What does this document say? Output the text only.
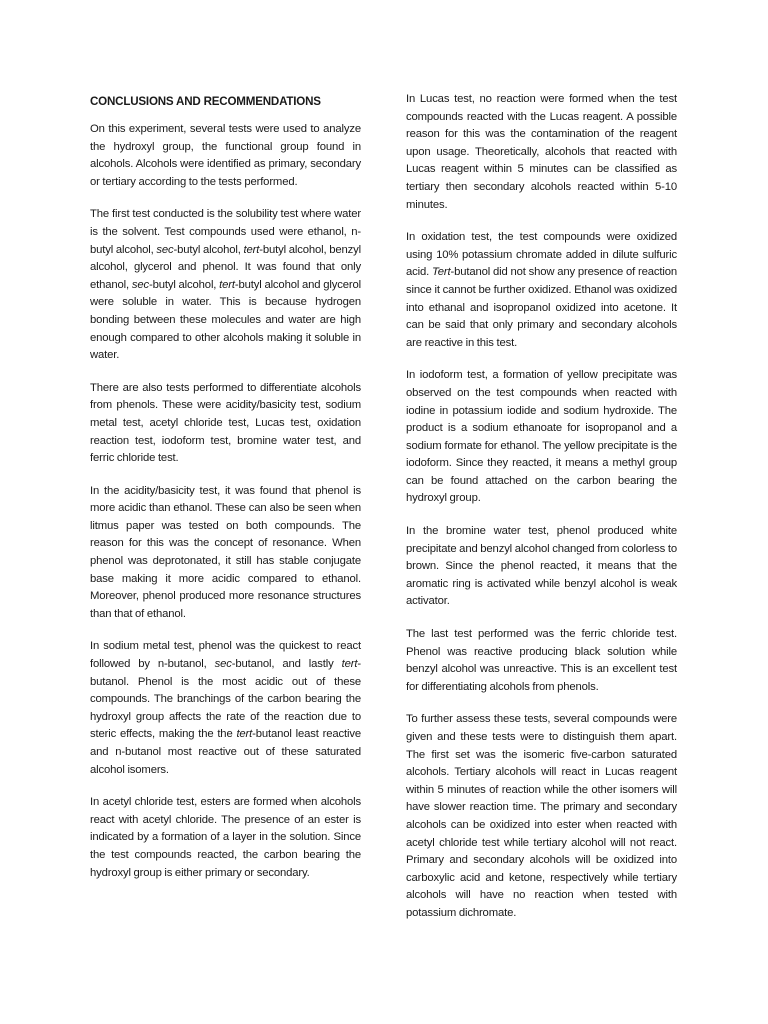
CONCLUSIONS AND RECOMMENDATIONS

On this experiment, several tests were used to analyze the hydroxyl group, the functional group found in alcohols. Alcohols were identified as primary, secondary or tertiary according to the tests performed.

The first test conducted is the solubility test where water is the solvent. Test compounds used were ethanol, n-butyl alcohol, sec-butyl alcohol, tert-butyl alcohol, benzyl alcohol, glycerol and phenol. It was found that only ethanol, sec-butyl alcohol, tert-butyl alcohol and glycerol were soluble in water. This is because hydrogen bonding between these molecules and water are high enough compared to other alcohols making it soluble in water.

There are also tests performed to differentiate alcohols from phenols. These were acidity/basicity test, sodium metal test, acetyl chloride test, Lucas test, oxidation reaction test, iodoform test, bromine water test, and ferric chloride test.

In the acidity/basicity test, it was found that phenol is more acidic than ethanol. These can also be seen when litmus paper was tested on both compounds. The reason for this was the concept of resonance. When phenol was deprotonated, it still has stable conjugate base making it more acidic compared to ethanol. Moreover, phenol produced more resonance structures than that of ethanol.

In sodium metal test, phenol was the quickest to react followed by n-butanol, sec-butanol, and lastly tert-butanol. Phenol is the most acidic out of these compounds. The branchings of the carbon bearing the hydroxyl group affects the rate of the reaction due to steric effects, making the the tert-butanol least reactive and n-butanol most reactive out of these saturated alcohol isomers.

In acetyl chloride test, esters are formed when alcohols react with acetyl chloride. The presence of an ester is indicated by a formation of a layer in the solution. Since the test compounds reacted, the carbon bearing the hydroxyl group is either primary or secondary.

In Lucas test, no reaction were formed when the test compounds reacted with the Lucas reagent. A possible reason for this was the contamination of the reagent upon usage. Theoretically, alcohols that reacted with Lucas reagent within 5 minutes can be classified as tertiary then secondary alcohols reacted within 5-10 minutes.

In oxidation test, the test compounds were oxidized using 10% potassium chromate added in dilute sulfuric acid. Tert-butanol did not show any presence of reaction since it cannot be further oxidized. Ethanol was oxidized into ethanal and isopropanol oxidized into acetone. It can be said that only primary and secondary alcohols are reactive in this test.

In iodoform test, a formation of yellow precipitate was observed on the test compounds when reacted with iodine in potassium iodide and sodium hydroxide. The product is a sodium ethanoate for isopropanol and a sodium formate for ethanol. The yellow precipitate is the iodoform. Since they reacted, it means a methyl group can be found attached on the carbon bearing the hydroxyl group.

In the bromine water test, phenol produced white precipitate and benzyl alcohol changed from colorless to brown. Since the phenol reacted, it means that the aromatic ring is activated while benzyl alcohol is weak activator.

The last test performed was the ferric chloride test. Phenol was reactive producing black solution while benzyl alcohol was unreactive. This is an excellent test for differentiating alcohols from phenols.

To further assess these tests, several compounds were given and these tests were to distinguish them apart. The first set was the isomeric five-carbon saturated alcohols. Tertiary alcohols will react in Lucas reagent within 5 minutes of reaction while the other isomers will have slower reaction time. The primary and secondary alcohols can be oxidized into ester when reacted with acetyl chloride test while tertiary alcohol will not react. Primary and secondary alcohols will be oxidized into carboxylic acid and ketone, respectively while tertiary alcohols will have no reaction when tested with potassium dichromate.
